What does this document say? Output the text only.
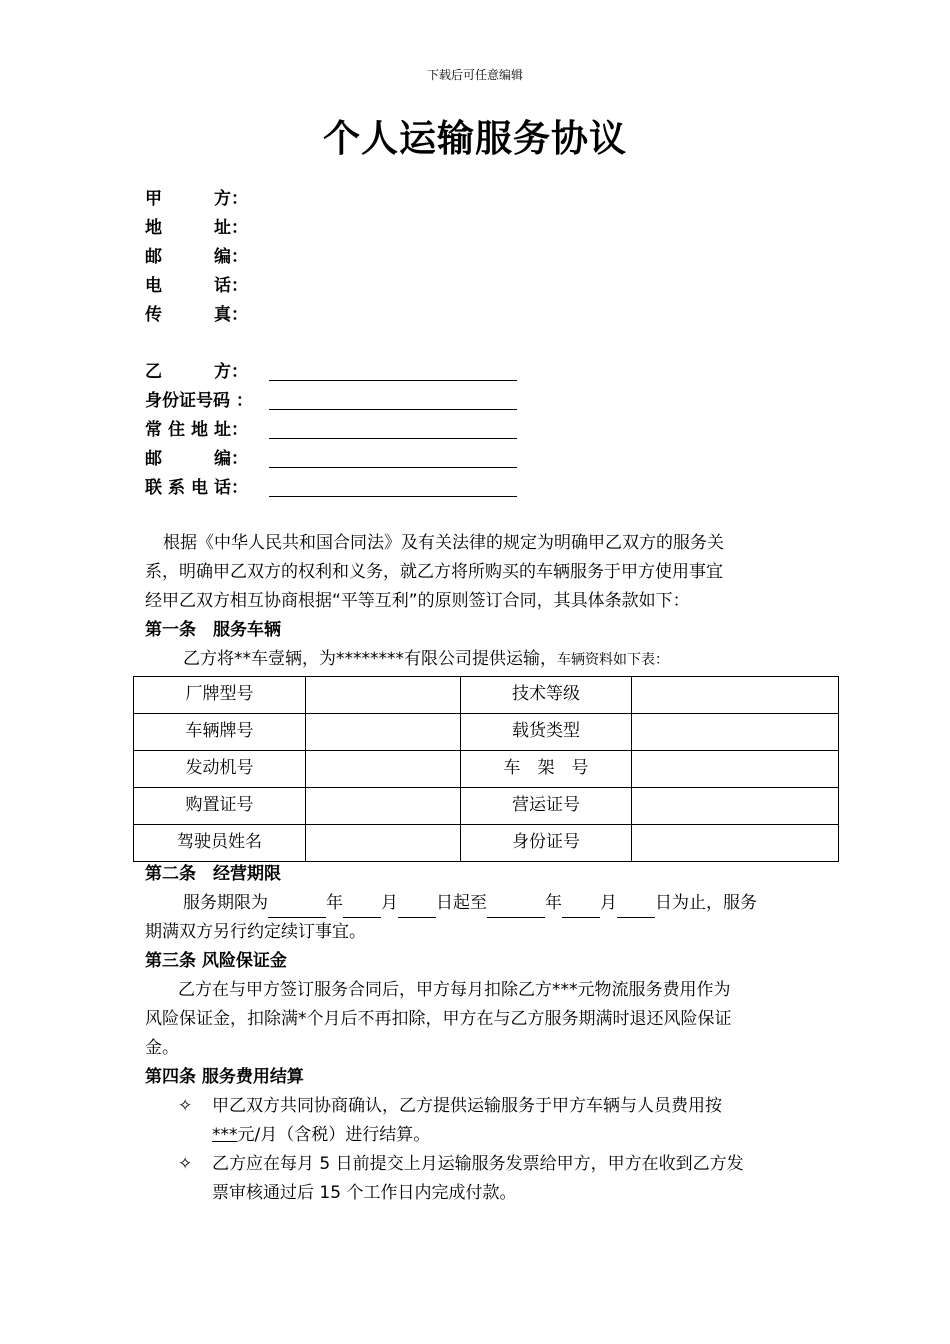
下载后可任意编辑
个人运输服务协议
甲	方：
地	址：
邮	编：
电	话：
传	真：
乙	方：
身份证号码 ：
常 住 地 址：
邮	编：
联 系 电 话：
根据《中华人民共和国合同法》及有关法律的规定为明确甲乙双方的服务关
系，明确甲乙双方的权利和义务，就乙方将所购买的车辆服务于甲方使用事宜
经甲乙双方相互协商根据“平等互利”的原则签订合同，其具体条款如下：
第一条　服务车辆
乙方将**车壹辆，为********有限公司提供运输，车辆资料如下表：
厂牌型号		技术等级	
车辆牌号		载货类型	
发动机号		车　架　号	
购置证号		营运证号	
驾驶员姓名		身份证号	
第二条　经营期限
服务期限为	年 月 日起至	年 月 日为止，服务
期满双方另行约定续订事宜。
第三条 风险保证金
乙方在与甲方签订服务合同后，甲方每月扣除乙方***元物流服务费用作为
风险保证金，扣除满*个月后不再扣除，甲方在与乙方服务期满时退还风险保证
金。
第四条 服务费用结算
✧ 甲乙双方共同协商确认，乙方提供运输服务于甲方车辆与人员费用按
***元/月（含税）进行结算。
✧ 乙方应在每月 5 日前提交上月运输服务发票给甲方，甲方在收到乙方发
票审核通过后 15 个工作日内完成付款。
